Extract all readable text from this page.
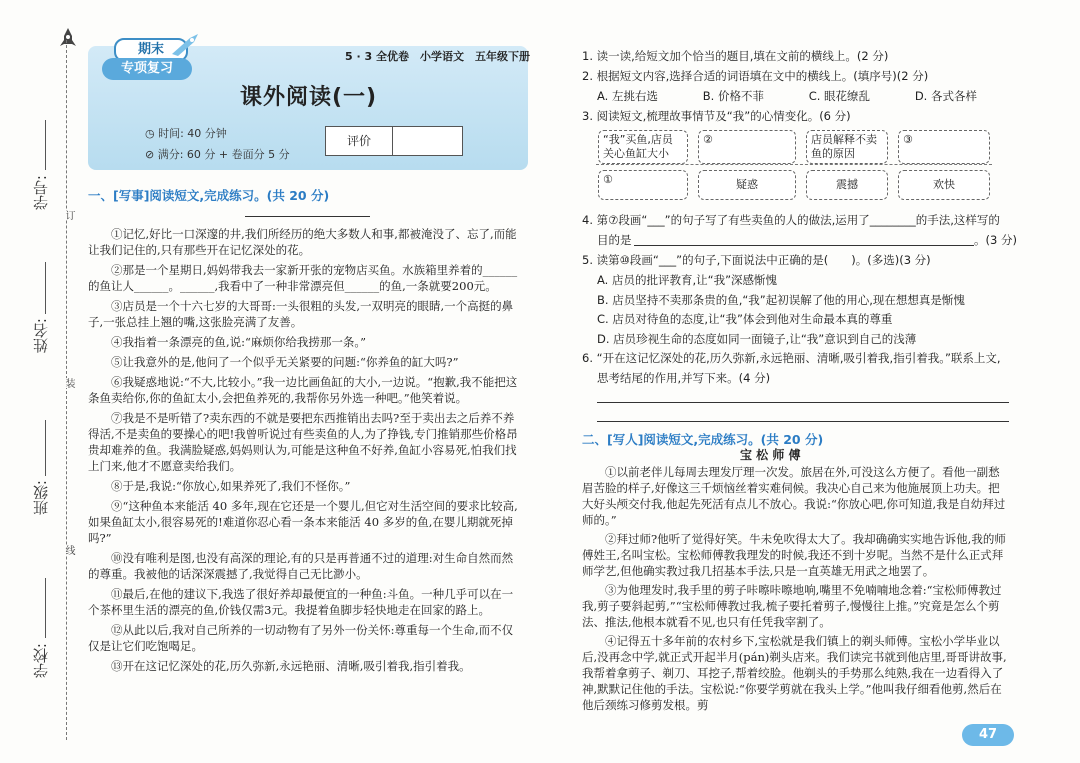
学号:
姓名:
班级:
学校:
订
装
线
期末
专项复习
5 · 3 全优卷　小学语文　五年级下册
课外阅读(一)
◷ 时间: 40 分钟
⊘ 满分: 60 分 + 卷面分 5 分
评价
一、[写事]阅读短文,完成练习。(共 20 分)
①记忆,好比一口深邃的井,我们所经历的绝大多数人和事,都被淹没了、忘了,而能让我们记住的,只有那些开在记忆深处的花。
②那是一个星期日,妈妈带我去一家新开张的宠物店买鱼。水族箱里养着的______的鱼让人______。______,我看中了一种非常漂亮但______的鱼,一条就要200元。
③店员是一个十六七岁的大哥哥:一头很粗的头发,一双明亮的眼睛,一个高挺的鼻子,一张总挂上翘的嘴,这张脸亮满了友善。
④我指着一条漂亮的鱼,说:“麻烦你给我捞那一条。”
⑤让我意外的是,他问了一个似乎无关紧要的问题:“你养鱼的缸大吗?”
⑥我疑惑地说:“不大,比较小。”我一边比画鱼缸的大小,一边说。“抱歉,我不能把这条鱼卖给你,你的鱼缸太小,会把鱼养死的,我帮你另外选一种吧。”他笑着说。
⑦我是不是听错了?卖东西的不就是要把东西推销出去吗?至于卖出去之后养不养得活,不是卖鱼的要操心的吧!我曾听说过有些卖鱼的人,为了挣钱,专门推销那些价格昂贵却难养的鱼。我满脸疑惑,妈妈则认为,可能是这种鱼不好养,鱼缸小容易死,怕我们找上门来,他才不愿意卖给我们。
⑧于是,我说:“你放心,如果养死了,我们不怪你。”
⑨“这种鱼本来能活 40 多年,现在它还是一个婴儿,但它对生活空间的要求比较高,如果鱼缸太小,很容易死的!难道你忍心看一条本来能活 40 多岁的鱼,在婴儿期就死掉吗?”
⑩没有唯利是图,也没有高深的理论,有的只是再普通不过的道理:对生命自然而然的尊重。我被他的话深深震撼了,我觉得自己无比渺小。
⑪最后,在他的建议下,我选了很好养却最便宜的一种鱼:斗鱼。一种几乎可以在一个茶杯里生活的漂亮的鱼,价钱仅需3元。我提着鱼脚步轻快地走在回家的路上。
⑫从此以后,我对自己所养的一切动物有了另外一份关怀:尊重每一个生命,而不仅仅是让它们吃饱喝足。
⑬开在这记忆深处的花,历久弥新,永远艳丽、清晰,吸引着我,指引着我。
1. 读一读,给短文加个恰当的题目,填在文前的横线上。(2 分)
2. 根据短文内容,选择合适的词语填在文中的横线上。(填序号)(2 分)
A. 左挑右选	B. 价格不菲	C. 眼花缭乱	D. 各式各样
3. 阅读短文,梳理故事情节及“我”的心情变化。(6 分)
“我”买鱼,店员关心鱼缸大小
②	店员解释不卖鱼的原因
③
①	疑惑	震撼	欢快
4. 第⑦段画“___”的句子写了有些卖鱼的人的做法,运用了________的手法,这样写的
目的是	。(3 分)
5. 读第⑩段画“___”的句子,下面说法中正确的是(　　)。(多选)(3 分)
A. 店员的批评教育,让“我”深感惭愧
B. 店员坚持不卖那条贵的鱼,“我”起初误解了他的用心,现在想想真是惭愧
C. 店员对待鱼的态度,让“我”体会到他对生命最本真的尊重
D. 店员珍视生命的态度如同一面镜子,让“我”意识到自己的浅薄
6. “开在这记忆深处的花,历久弥新,永远艳丽、清晰,吸引着我,指引着我。”联系上文,
思考结尾的作用,并写下来。(4 分)
二、[写人]阅读短文,完成练习。(共 20 分)
宝 松 师 傅
①以前老伴儿每周去理发厅理一次发。旅居在外,可没这么方便了。看他一副愁眉苦脸的样子,好像这三千烦恼丝着实难伺候。我决心自己来为他施展顶上功夫。把大好头颅交付我,他起先死活有点儿不放心。我说:“你放心吧,你可知道,我是自幼拜过师的。”
②拜过师?他听了觉得好笑。牛未免吹得太大了。我却确确实实地告诉他,我的师傅姓王,名叫宝松。宝松师傅教我理发的时候,我还不到十岁呢。当然不是什么正式拜师学艺,但他确实教过我几招基本手法,只是一直英雄无用武之地罢了。
③为他理发时,我手里的剪子咔嚓咔嚓地响,嘴里不免喃喃地念着:“宝松师傅教过我,剪子要斜起剪,”“宝松师傅教过我,梳子要托着剪子,慢慢往上推。”究竟是怎么个剪法、推法,他根本就看不见,也只有任凭我宰割了。
④记得五十多年前的农村乡下,宝松就是我们镇上的剃头师傅。宝松小学毕业以后,没再念中学,就正式开起半月(pán)剃头店来。我们读完书就到他店里,哥哥讲故事,我帮着拿剪子、剃刀、耳挖子,帮着绞脸。他剃头的手势那么纯熟,我在一边看得入了神,默默记住他的手法。宝松说:“你要学剪就在我头上学。”他叫我仔细看他剪,然后在他后颈练习修剪发根。剪
47
